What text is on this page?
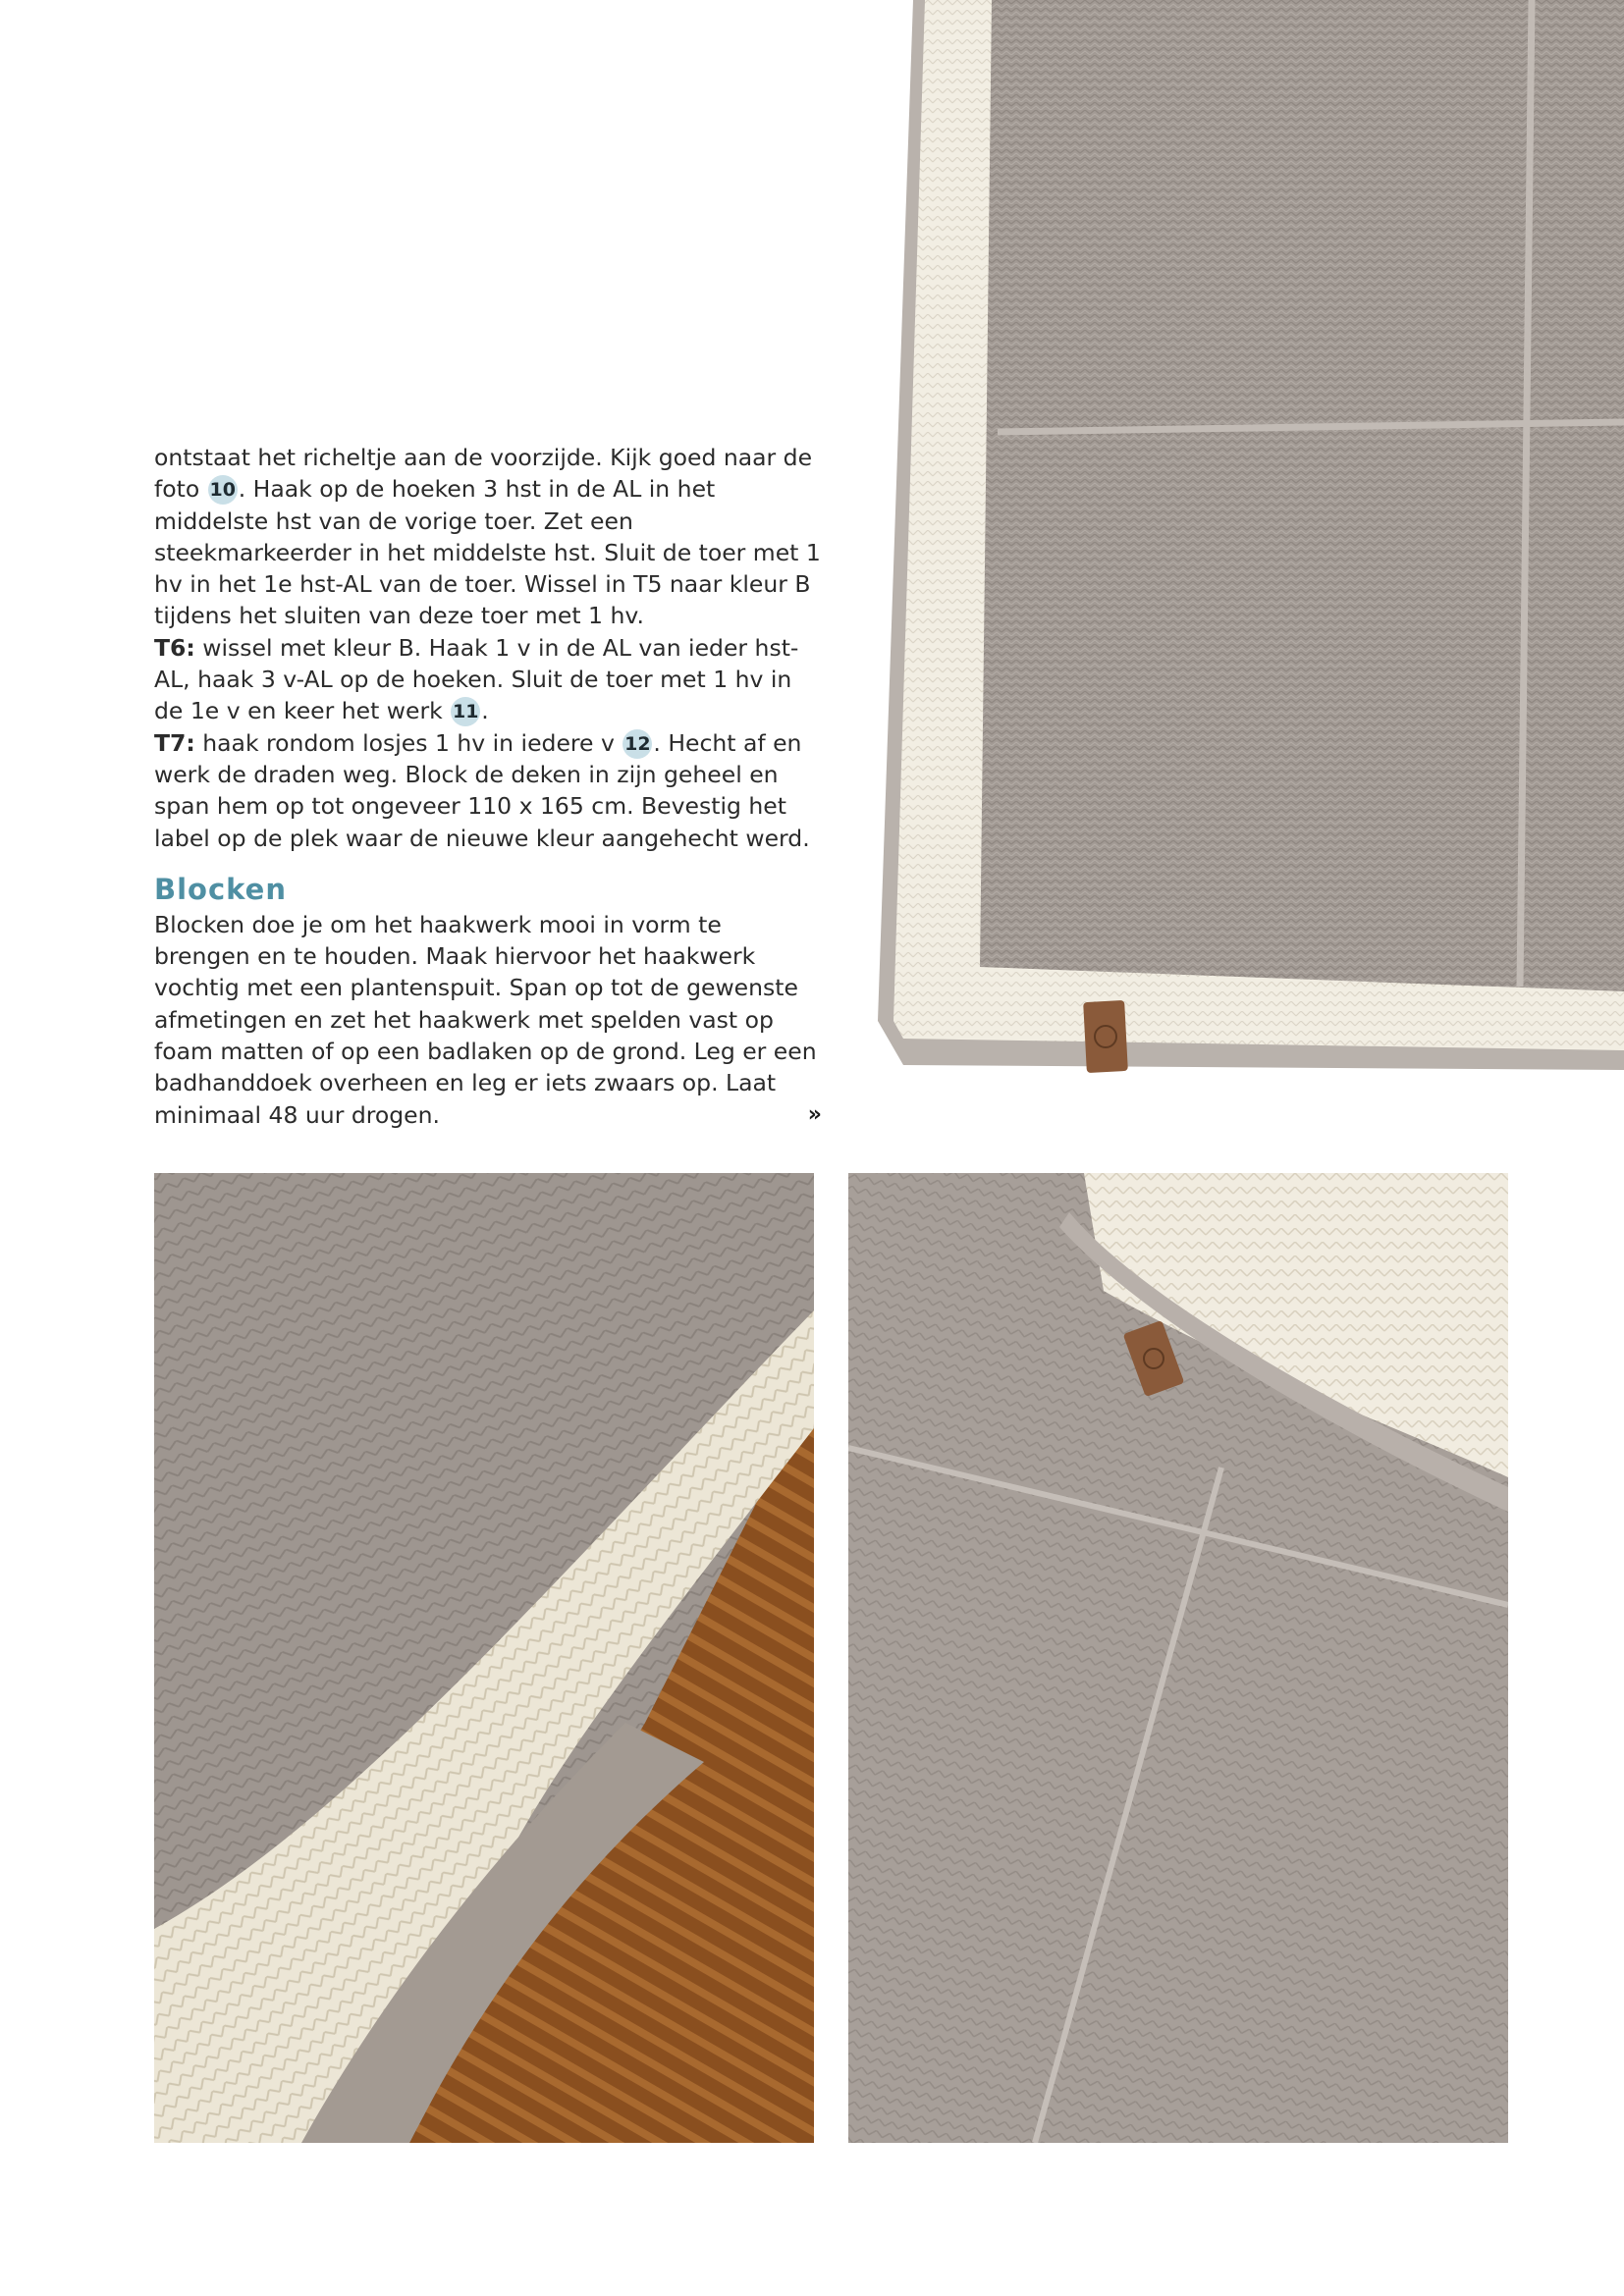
ontstaat het richeltje aan de voorzijde. Kijk goed naar de foto 10 . Haak op de hoeken 3 hst in de AL in het middelste hst van de vorige toer. Zet een steekmarkeerder in het middelste hst. Sluit de toer met 1 hv in het 1e hst-AL van de toer. Wissel in T5 naar kleur B tijdens het sluiten van deze toer met 1 hv.

T6: wissel met kleur B. Haak 1 v in de AL van ieder hst-AL, haak 3 v-AL op de hoeken. Sluit de toer met 1 hv in de 1e v en keer het werk 11 .

T7: haak rondom losjes 1 hv in iedere v 12 . Hecht af en werk de draden weg. Block de deken in zijn geheel en span hem op tot ongeveer 110 x 165 cm. Bevestig het label op de plek waar de nieuwe kleur aangehecht werd.

Blocken

Blocken doe je om het haakwerk mooi in vorm te brengen en te houden. Maak hiervoor het haakwerk vochtig met een plantenspuit. Span op tot de gewenste afmetingen en zet het haakwerk met spelden vast op foam matten of op een badlaken op de grond. Leg er een badhanddoek overheen en leg er iets zwaars op. Laat minimaal 48 uur drogen.	»
